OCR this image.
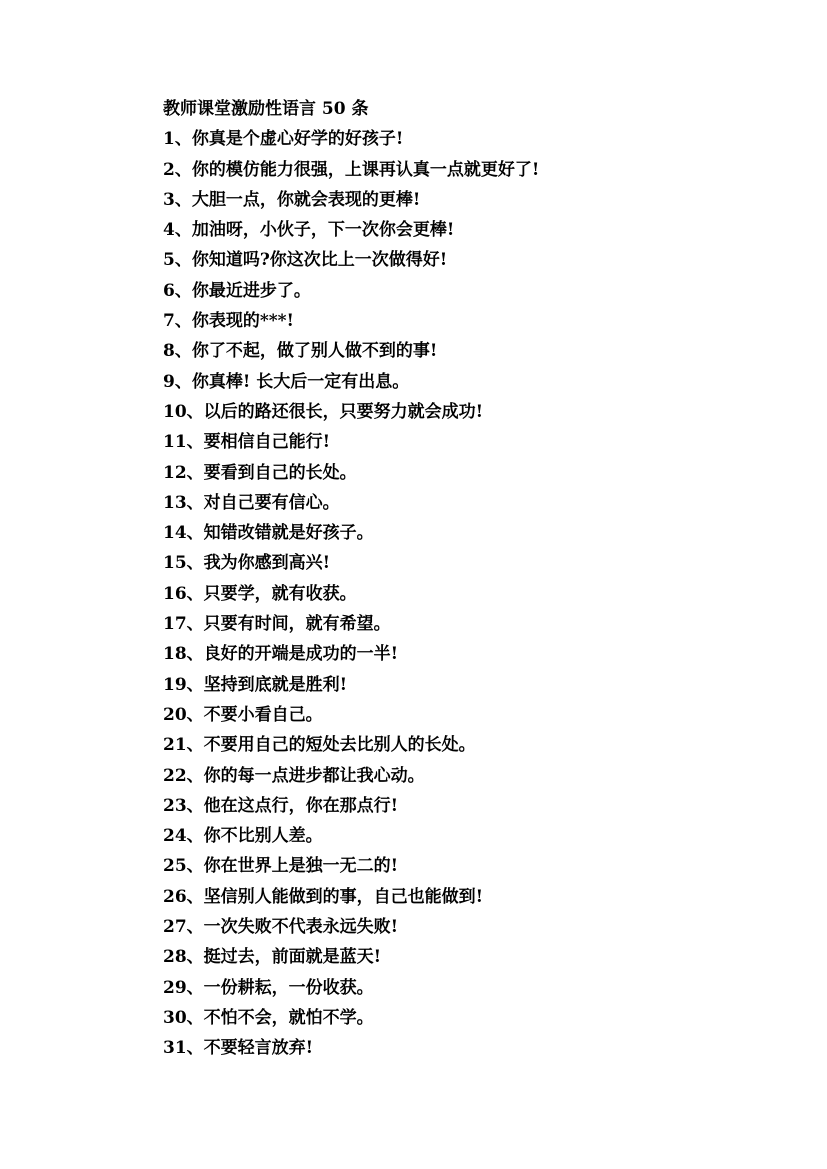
教师课堂激励性语言 50 条
1、你真是个虚心好学的好孩子!
2、你的模仿能力很强，上课再认真一点就更好了!
3、大胆一点，你就会表现的更棒!
4、加油呀，小伙子，下一次你会更棒!
5、你知道吗?你这次比上一次做得好!
6、你最近进步了。
7、你表现的***!
8、你了不起，做了别人做不到的事!
9、你真棒! 长大后一定有出息。
10、以后的路还很长，只要努力就会成功!
11、要相信自己能行!
12、要看到自己的长处。
13、对自己要有信心。
14、知错改错就是好孩子。
15、我为你感到高兴!
16、只要学，就有收获。
17、只要有时间，就有希望。
18、良好的开端是成功的一半!
19、坚持到底就是胜利!
20、不要小看自己。
21、不要用自己的短处去比别人的长处。
22、你的每一点进步都让我心动。
23、他在这点行，你在那点行!
24、你不比别人差。
25、你在世界上是独一无二的!
26、坚信别人能做到的事，自己也能做到!
27、一次失败不代表永远失败!
28、挺过去，前面就是蓝天!
29、一份耕耘，一份收获。
30、不怕不会，就怕不学。
31、不要轻言放弃!
